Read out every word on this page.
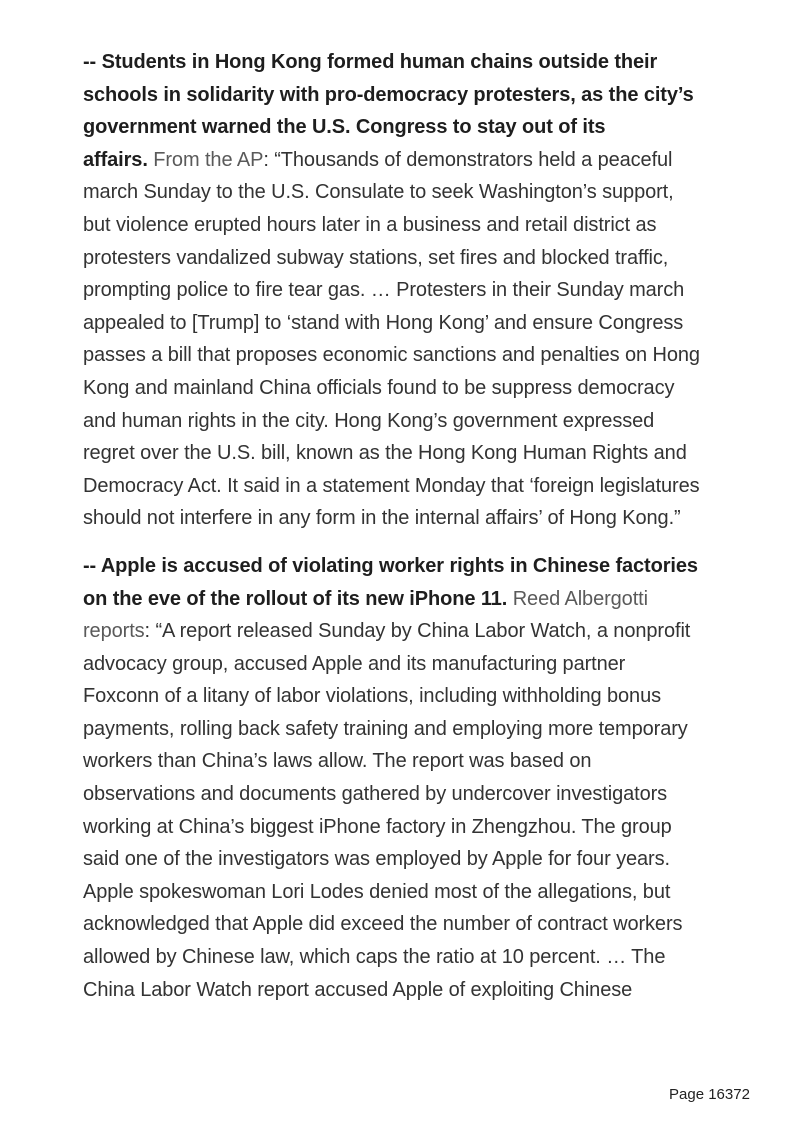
-- Students in Hong Kong formed human chains outside their
schools in solidarity with pro-democracy protesters, as the city’s
government warned the U.S. Congress to stay out of its
affairs. From the AP: “Thousands of demonstrators held a peaceful
march Sunday to the U.S. Consulate to seek Washington’s support,
but violence erupted hours later in a business and retail district as
protesters vandalized subway stations, set fires and blocked traffic,
prompting police to fire tear gas. … Protesters in their Sunday march
appealed to [Trump] to ‘stand with Hong Kong’ and ensure Congress
passes a bill that proposes economic sanctions and penalties on Hong
Kong and mainland China officials found to be suppress democracy
and human rights in the city. Hong Kong’s government expressed
regret over the U.S. bill, known as the Hong Kong Human Rights and
Democracy Act. It said in a statement Monday that ‘foreign legislatures
should not interfere in any form in the internal affairs’ of Hong Kong.”
-- Apple is accused of violating worker rights in Chinese factories
on the eve of the rollout of its new iPhone 11. Reed Albergotti
reports: “A report released Sunday by China Labor Watch, a nonprofit
advocacy group, accused Apple and its manufacturing partner
Foxconn of a litany of labor violations, including withholding bonus
payments, rolling back safety training and employing more temporary
workers than China’s laws allow. The report was based on
observations and documents gathered by undercover investigators
working at China’s biggest iPhone factory in Zhengzhou. The group
said one of the investigators was employed by Apple for four years.
Apple spokeswoman Lori Lodes denied most of the allegations, but
acknowledged that Apple did exceed the number of contract workers
allowed by Chinese law, which caps the ratio at 10 percent. … The
China Labor Watch report accused Apple of exploiting Chinese
Page 16372
